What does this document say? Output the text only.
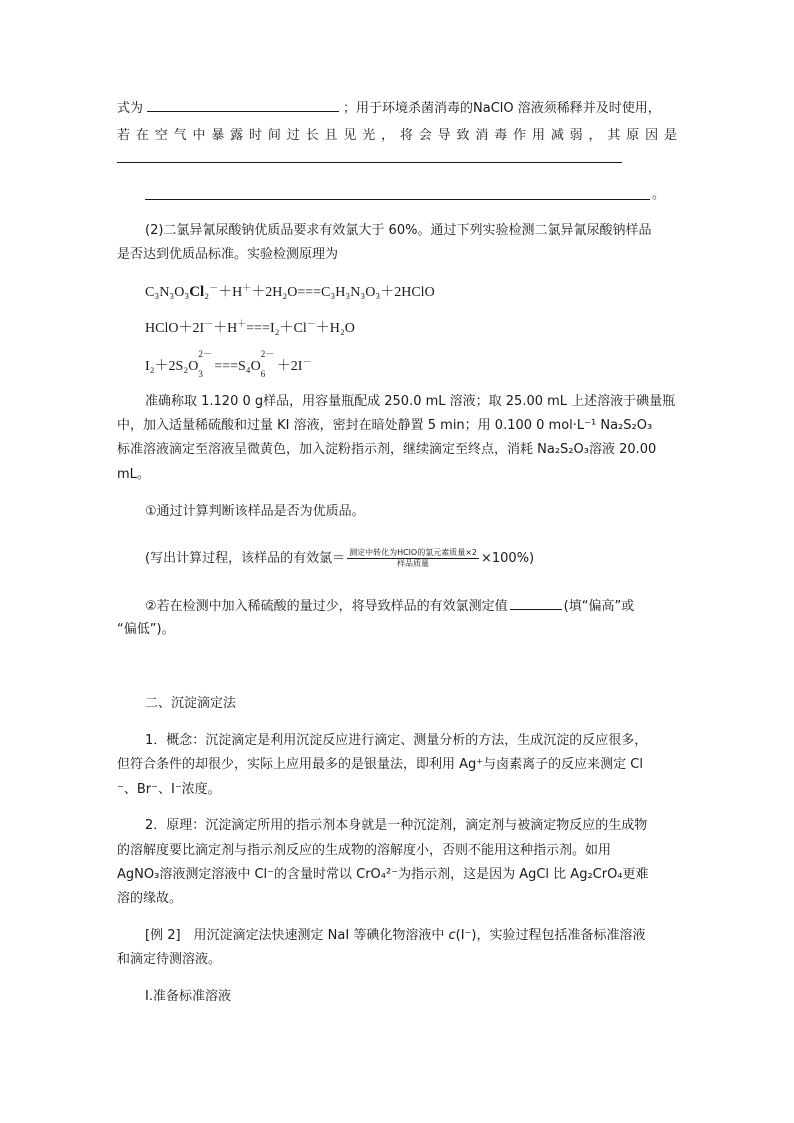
式为	；用于环境杀菌消毒的NaClO 溶液须稀释并及时使用，
若在空气中暴露时间过长且见光，将会导致消毒作用减弱，其原因是
。
(2)二氯异氰尿酸钠优质品要求有效氯大于 60%。通过下列实验检测二氯异氰尿酸钠样品
是否达到优质品标准。实验检测原理为
C₃N₃O₃Cl₂－＋H＋＋2H₂O===C₃H₃N₃O₃＋2HClO
HClO＋2I－＋H＋===I₂＋Cl－＋H₂O
I₂＋2S₂O
2－
3 ===S₄O
2－
6 ＋2I－
准确称取 1.120 0 g样品，用容量瓶配成 250.0 mL 溶液；取 25.00 mL 上述溶液于碘量瓶
中，加入适量稀硫酸和过量 KI 溶液，密封在暗处静置 5 min；用 0.100 0 mol·L⁻¹ Na₂S₂O₃
标准溶液滴定至溶液呈微黄色，加入淀粉指示剂，继续滴定至终点，消耗 Na₂S₂O₃溶液 20.00
mL。
①通过计算判断该样品是否为优质品。
(写出计算过程，该样品的有效氯＝ $\frac{\text{测定中转化为HClO的氯元素质量×2}}{\text{样品质量}} \times 100\%$)
②若在检测中加入稀硫酸的量过少，将导致样品的有效氯测定值	(填“偏高”或
“偏低”)。
二、沉淀滴定法
1．概念：沉淀滴定是利用沉淀反应进行滴定、测量分析的方法，生成沉淀的反应很多，
但符合条件的却很少，实际上应用最多的是银量法，即利用 Ag⁺与卤素离子的反应来测定 Cl
⁻、Br⁻、I⁻浓度。
2．原理：沉淀滴定所用的指示剂本身就是一种沉淀剂，滴定剂与被滴定物反应的生成物
的溶解度要比滴定剂与指示剂反应的生成物的溶解度小，否则不能用这种指示剂。如用
AgNO₃溶液测定溶液中 Cl⁻的含量时常以 CrO₄²⁻为指示剂，这是因为 AgCl 比 Ag₂CrO₄更难
溶的缘故。
[例 2]　用沉淀滴定法快速测定 NaI 等碘化物溶液中 c(I⁻)，实验过程包括准备标准溶液
和滴定待测溶液。
Ⅰ.准备标准溶液
